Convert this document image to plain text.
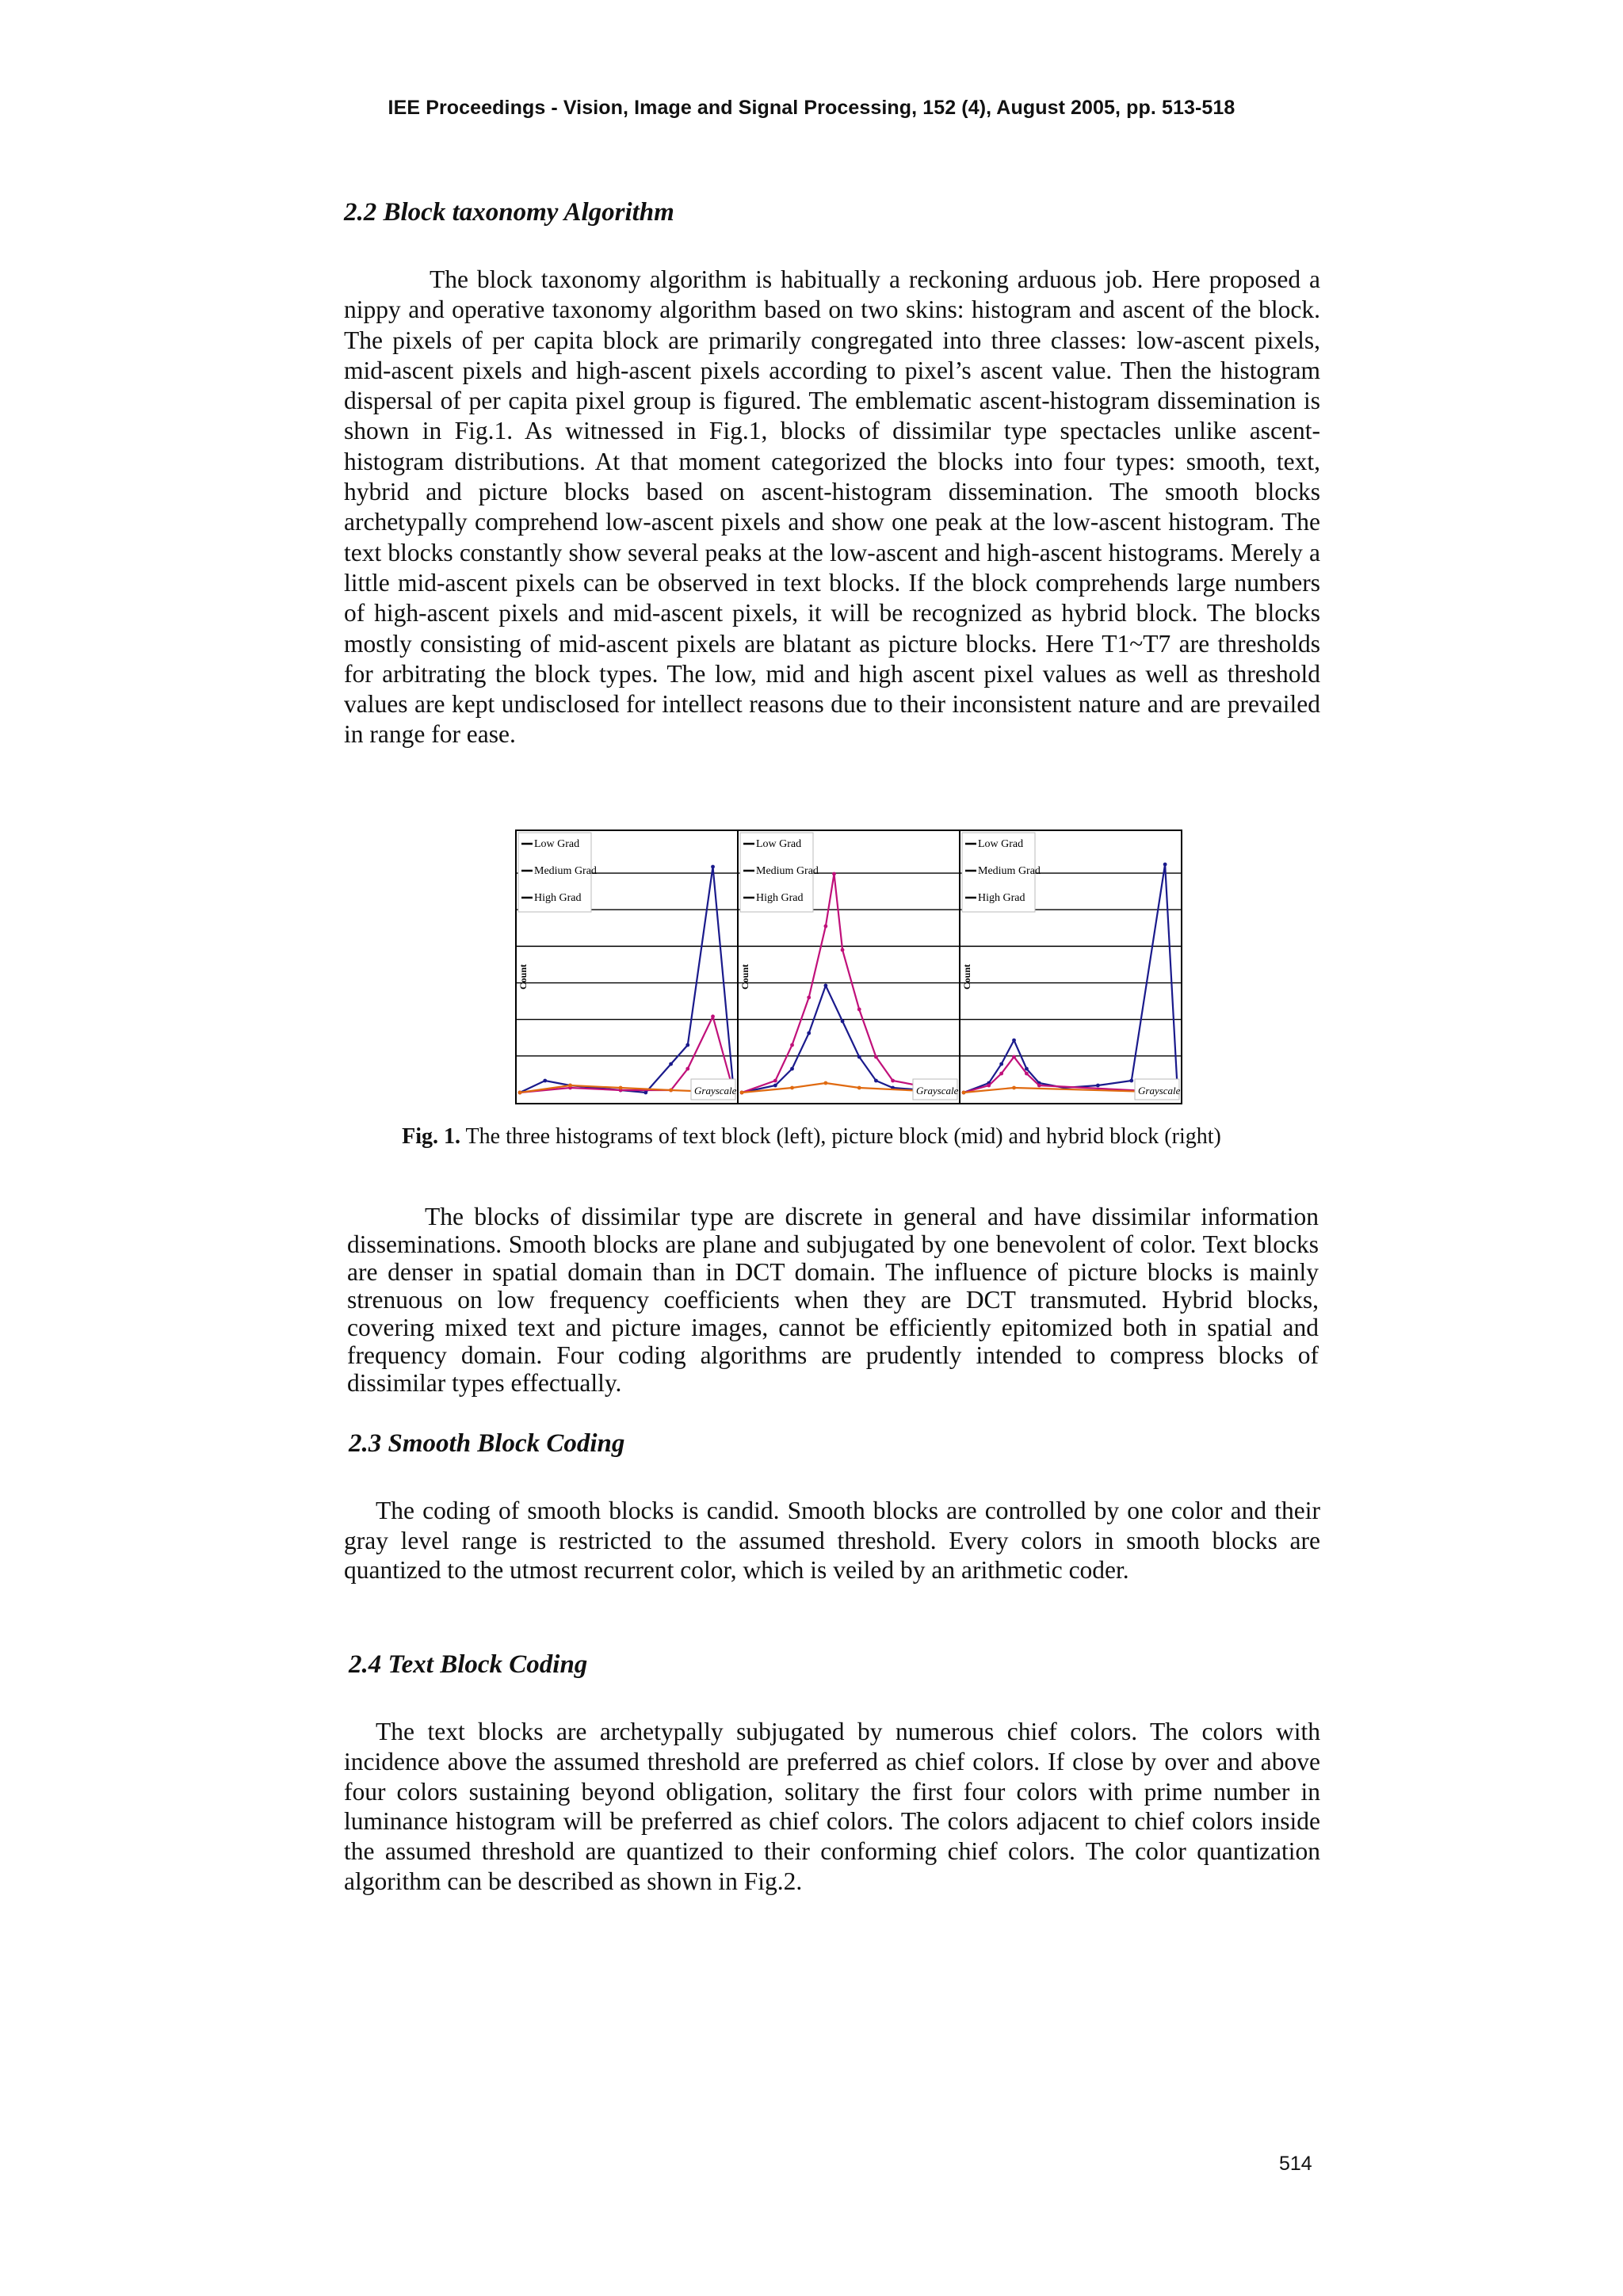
IEE Proceedings - Vision, Image and Signal Processing, 152 (4), August 2005, pp. 513-518
2.2 Block taxonomy Algorithm

The block taxonomy algorithm is habitually a reckoning arduous job. Here proposed a nippy and operative taxonomy algorithm based on two skins: histogram and ascent of the block. The pixels of per capita block are primarily congregated into three classes: low-ascent pixels, mid-ascent pixels and high-ascent pixels according to pixel’s ascent value. Then the histogram dispersal of per capita pixel group is figured. The emblematic ascent-histogram dissemination is shown in Fig.1. As witnessed in Fig.1, blocks of dissimilar type spectacles unlike ascent-histogram distributions. At that moment categorized the blocks into four types: smooth, text, hybrid and picture blocks based on ascent-histogram dissemination. The smooth blocks archetypally comprehend low-ascent pixels and show one peak at the low-ascent histogram. The text blocks constantly show several peaks at the low-ascent and high-ascent histograms. Merely a little mid-ascent pixels can be observed in text blocks. If the block comprehends large numbers of high-ascent pixels and mid-ascent pixels, it will be recognized as hybrid block. The blocks mostly consisting of mid-ascent pixels are blatant as picture blocks. Here T1~T7 are thresholds for arbitrating the block types. The low, mid and high ascent pixel values as well as threshold values are kept undisclosed for intellect reasons due to their inconsistent nature and are prevailed in range for ease.

Low Grad
Medium Grad
High Grad
Count
Grayscale
Low Grad
Medium Grad
High Grad
Count
Grayscale
Low Grad
Medium Grad
High Grad
Count
Grayscale
Fig. 1. The three histograms of text block (left), picture block (mid) and hybrid block (right)

The blocks of dissimilar type are discrete in general and have dissimilar information disseminations. Smooth blocks are plane and subjugated by one benevolent of color. Text blocks are denser in spatial domain than in DCT domain. The influence of picture blocks is mainly strenuous on low frequency coefficients when they are DCT transmuted. Hybrid blocks, covering mixed text and picture images, cannot be efficiently epitomized both in spatial and frequency domain. Four coding algorithms are prudently intended to compress blocks of dissimilar types effectually.

2.3 Smooth Block Coding

The coding of smooth blocks is candid. Smooth blocks are controlled by one color and their gray level range is restricted to the assumed threshold. Every colors in smooth blocks are quantized to the utmost recurrent color, which is veiled by an arithmetic coder.

2.4 Text Block Coding

The text blocks are archetypally subjugated by numerous chief colors. The colors with incidence above the assumed threshold are preferred as chief colors. If close by over and above four colors sustaining beyond obligation, solitary the first four colors with prime number in luminance histogram will be preferred as chief colors. The colors adjacent to chief colors inside the assumed threshold are quantized to their conforming chief colors. The color quantization algorithm can be described as shown in Fig.2.

514
